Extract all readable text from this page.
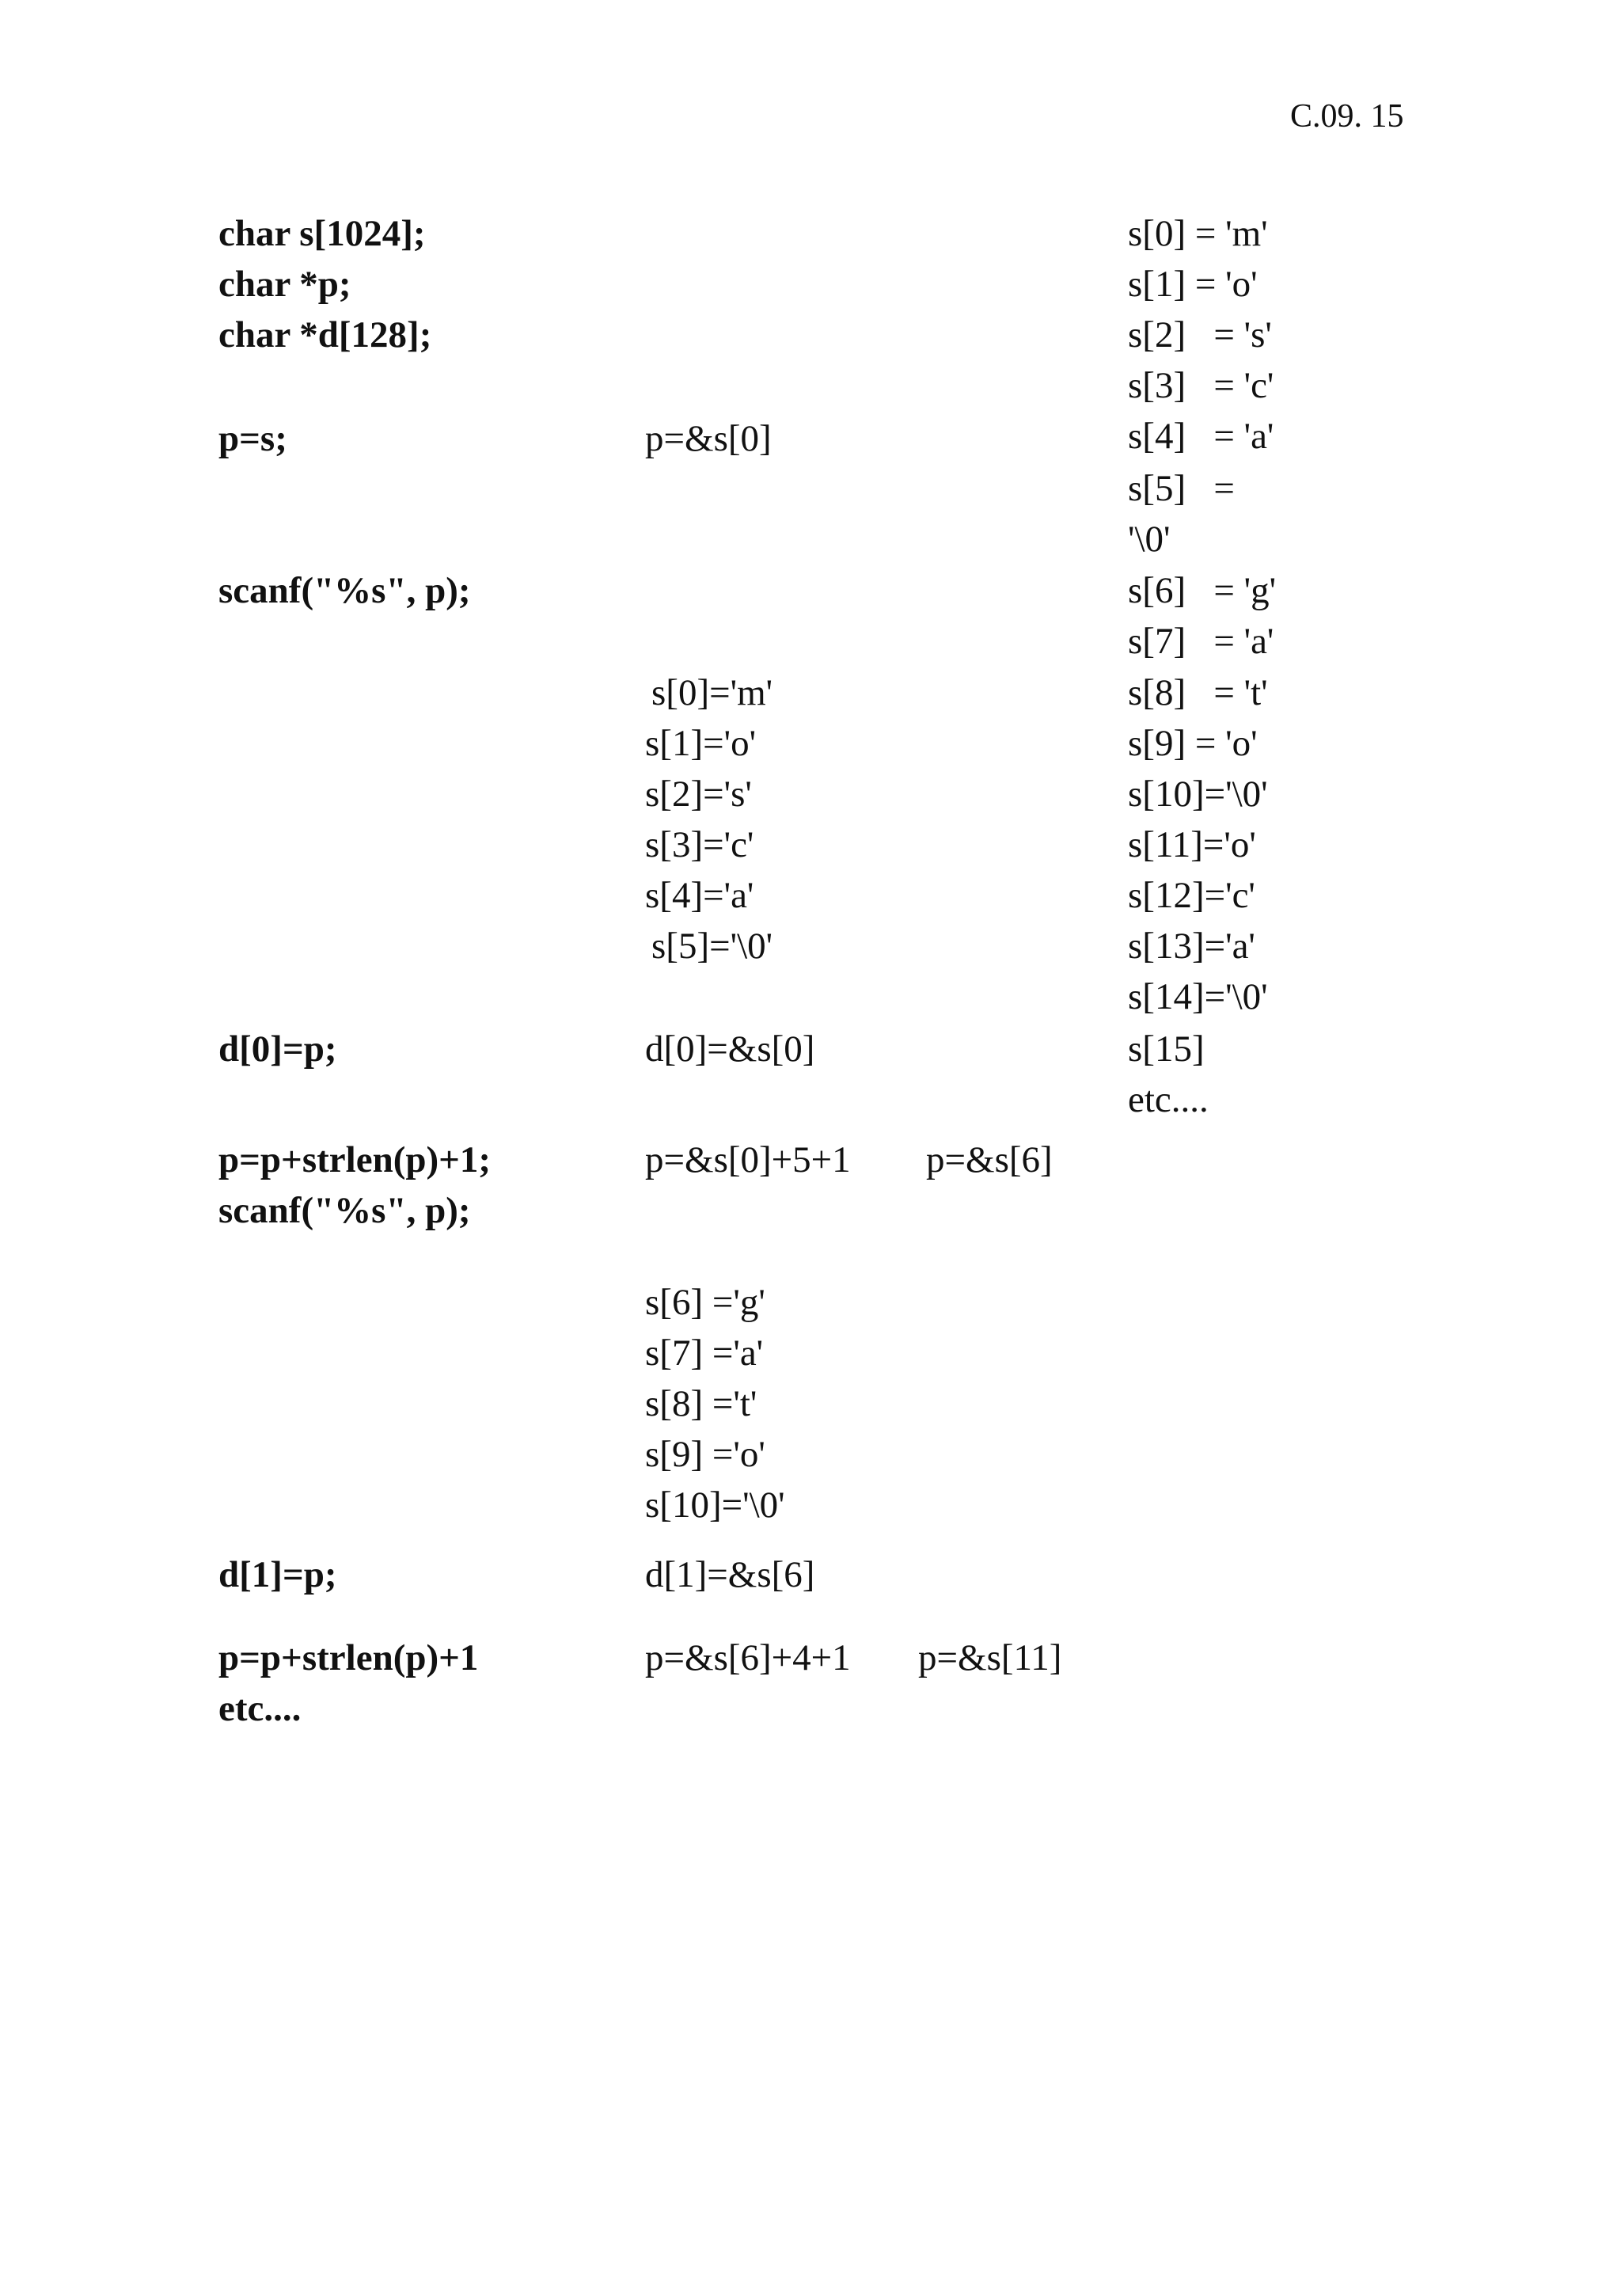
C.09. 15
char s[1024];
char *p;
char *d[128];
p=s;
scanf("%s", p);
d[0]=p;
p=p+strlen(p)+1;
scanf("%s", p);
d[1]=p;
p=p+strlen(p)+1
etc....
p=&s[0]
s[0]='m'
s[1]='o'
s[2]='s'
s[3]='c'
s[4]='a'
s[5]='\0'
d[0]=&s[0]
p=&s[0]+5+1 p=&s[6]
s[6] ='g'
s[7] ='a'
s[8] ='t'
s[9] ='o'
s[10]='\0'
d[1]=&s[6]
p=&s[6]+4+1 p=&s[11]
s[0] = 'm'
s[1] = 'o'
s[2]   = 's'
s[3]   = 'c'
s[4]   = 'a'
s[5]   =
'\0'
s[6]   = 'g'
s[7]   = 'a'
s[8]   = 't'
s[9] = 'o'
s[10]='\0'
s[11]='o'
s[12]='c'
s[13]='a'
s[14]='\0'
s[15]
etc....
